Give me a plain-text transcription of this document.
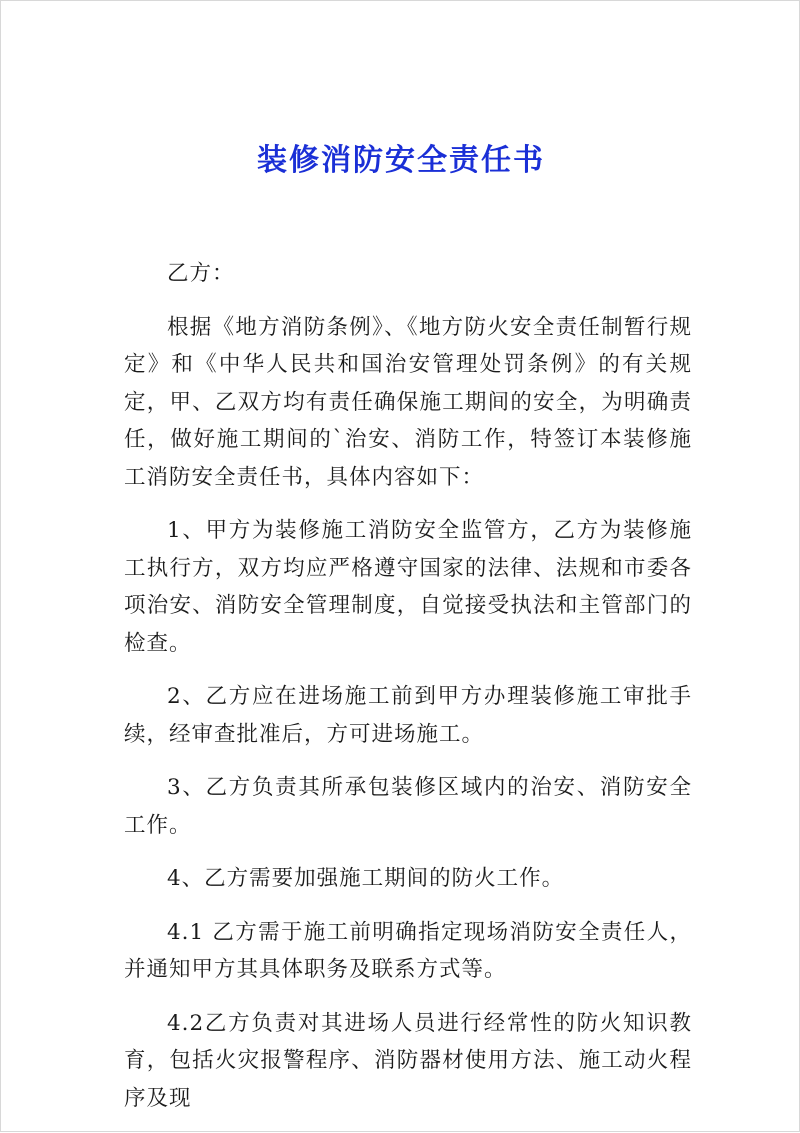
装修消防安全责任书

乙方：

根据《地方消防条例》、《地方防火安全责任制暂行规定》和《中华人民共和国治安管理处罚条例》的有关规定，甲、乙双方均有责任确保施工期间的安全，为明确责任，做好施工期间的`治安、消防工作，特签订本装修施工消防安全责任书，具体内容如下：

1、甲方为装修施工消防安全监管方，乙方为装修施工执行方，双方均应严格遵守国家的法律、法规和市委各项治安、消防安全管理制度，自觉接受执法和主管部门的检查。

2、乙方应在进场施工前到甲方办理装修施工审批手续，经审查批准后，方可进场施工。

3、乙方负责其所承包装修区域内的治安、消防安全工作。

4、乙方需要加强施工期间的防火工作。

4.1 乙方需于施工前明确指定现场消防安全责任人，并通知甲方其具体职务及联系方式等。

4.2乙方负责对其进场人员进行经常性的防火知识教育，包括火灾报警程序、消防器材使用方法、施工动火程序及现
